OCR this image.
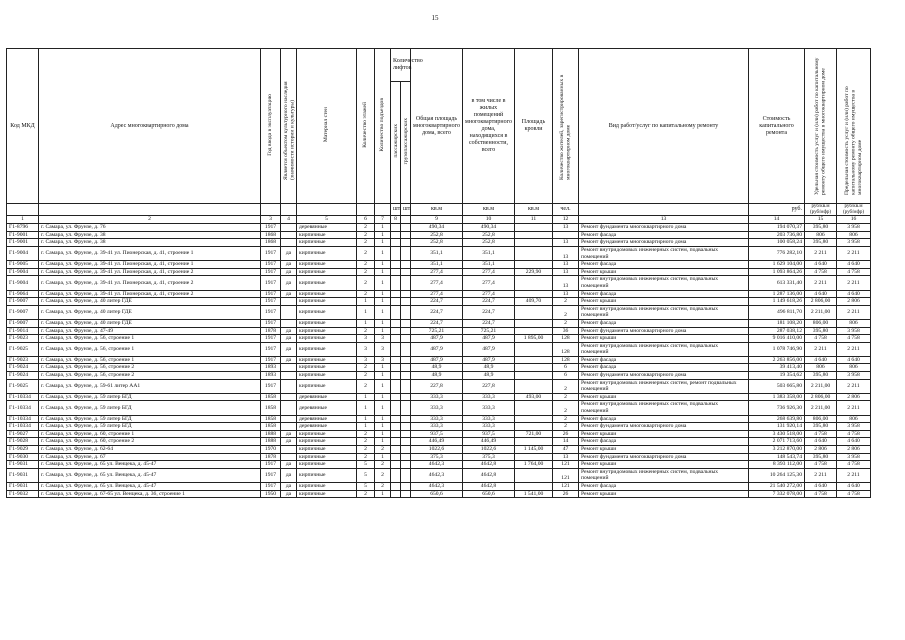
15
Код МКД	Адрес многоквартирного дома	Год ввода в эксплуатацию	Является объектом культурного наследия (значимости истории и культуры)	Материал стен	Количество этажей	Количество подъездов	Количество лифтов		Общая площадь многоквартирного дома, всего	в том числе в жилых помещений многоквартирного дома, находящихся в собственности, всего	Площадь кровли	Количество жителей, зарегистрированных в многоквартирном доме	Вид работ/услуг по капитальному ремонту	Стоимость капитального ремонта	Удельная стоимость услуг и (или) работ по капитальному ремонту общего имущества в многоквартирном доме	Предельная стоимость услуг и (или) работ по капитальному ремонту общего имущества в многоквартирном доме
							пассажирских	грузопассажирских								

							шт.	шт.	кв.м	кв.м	кв.м	чел.		руб.	руб/кв.м (руб/мфр)	руб/кв.м (руб/мфр)
1	2	3	4	5	6	7	8		9	10	11	12	13	14	15	16
Г1-8796	г. Самара, ул. Фрунзе, д. 76	1917		деревянные	2	1			490,34	490,34		13	Ремонт фундамента многоквартирного дома	194 070,37	395,80	3 958
Г1-9001	г. Самара, ул. Фрунзе, д. 38	1868		кирпичные	2	1			252,8	252,8			Ремонт фасада	203 736,80	806	806
Г1-9001	г. Самара, ул. Фрунзе, д. 38	1868		кирпичные	2	1			252,8	252,8		13	Ремонт фундамента многоквартирного дома	100 058,24	395,80	3 958
Г1-9004	г. Самара, ул. Фрунзе, д. 39-41 ул. Пионерская, д. 41, строение 1	1917	да	кирпичные	2	1			351,1	351,1		13	Ремонт внутридомовых инженерных систем, подвальных помещений	776 282,10	2 211	2 211
Г1-9005	г. Самара, ул. Фрунзе, д. 39-41 ул. Пионерская, д. 41, строение 1	1917	да	кирпичные	2	1			351,1	351,1		13	Ремонт фасада	1 629 104,00	4 640	4 640
Г1-9004	г. Самара, ул. Фрунзе, д. 39-41 ул. Пионерская, д. 41, строение 2	1917	да	кирпичные	2	1			277,4	277,4	229,90	13	Ремонт крыши	1 093 864,26	4 758	4 758
Г1-9004	г. Самара, ул. Фрунзе, д. 39-41 ул. Пионерская, д. 41, строение 2	1917	да	кирпичные	2	1			277,4	277,4		13	Ремонт внутридомовых инженерных систем, подвальных помещений	613 331,40	2 211	2 211
Г1-9064	г. Самара, ул. Фрунзе, д. 39-41 ул. Пионерская, д. 41, строение 2	1917	да	кирпичные	2	1			277,4	277,4		13	Ремонт фасада	1 287 136,00	4 640	4 640
Г1-9007	г. Самара, ул. Фрунзе, д. 40 литер ГДЕ	1917		кирпичные	1	1			224,7	224,7	409,70	2	Ремонт крыши	1 149 618,26	2 806,00	2 806
Г1-9007	г. Самара, ул. Фрунзе, д. 40 литер ГДЕ	1917		кирпичные	1	1			224,7	224,7		2	Ремонт внутридомовых инженерных систем, подвальных помещений	496 811,70	2 211,00	2 211
Г1-9007	г. Самара, ул. Фрунзе, д. 40 литер ГДЕ	1917		кирпичные	1	1			224,7	224,7		2	Ремонт фасада	181 108,20	806,00	806
Г1-9014	г. Самара, ул. Фрунзе, д. 47-49	1878	да	кирпичные	2	1			725,21	725,21		36	Ремонт фундамента многоквартирного дома	287 038,12	395,80	3 958
Г1-9023	г. Самара, ул. Фрунзе, д. 56, строение 1	1917	да	кирпичные	3	3			487,9	487,9	1 895,00	128	Ремонт крыши	9 016 410,00	4 758	4 758
Г1-9025	г. Самара, ул. Фрунзе, д. 56, строение 1	1917	да	кирпичные	3	3			487,9	487,9		128	Ремонт внутридомовых инженерных систем, подвальных помещений	1 078 746,90	2 211	2 211
Г1-9023	г. Самара, ул. Фрунзе, д. 56, строение 1	1917	да	кирпичные	3	3			487,9	487,9		128	Ремонт фасада	2 263 856,00	4 640	4 640
Г1-9024	г. Самара, ул. Фрунзе, д. 56, строение 2	1893		кирпичные	2	1			48,9	48,9		6	Ремонт фасада	39 413,40	806	806
Г1-9024	г. Самара, ул. Фрунзе, д. 56, строение 2	1893		кирпичные	2	1			48,9	48,9		6	Ремонт фундамента многоквартирного дома	19 354,62	395,80	3 958
Г1-9025	г. Самара, ул. Фрунзе, д. 59-61 литер АА1	1917		кирпичные	2	1			227,8	227,8		2	Ремонт внутридомовых инженерных систем, ремонт подвальных помещений	503 665,80	2 211,00	2 211
Г1-10334	г. Самара, ул. Фрунзе, д. 59 литер БГД	1858		деревянные	1	1			333,3	333,3	493,00	2	Ремонт крыши	1 383 358,00	2 806,00	2 806
Г1-10334	г. Самара, ул. Фрунзе, д. 59 литер БГД	1858		деревянные	1	1			333,3	333,3		2	Ремонт внутридомовых инженерных систем, подвальных помещений	736 926,30	2 211,00	2 211
Г1-10334	г. Самара, ул. Фрунзе, д. 59 литер БГД	1858		деревянные	1	1			333,3	333,3		2	Ремонт фасада	268 639,80	806,00	806
Г1-10334	г. Самара, ул. Фрунзе, д. 59 литер БГД	1858		деревянные	1	1			333,3	333,3		2	Ремонт фундамента многоквартирного дома	131 920,14	395,80	3 958
Г1-9027	г. Самара, ул. Фрунзе, д. 60, строение 1	1888	да	кирпичные	2	1			937,5	937,5	721,00	26	Ремонт крыши	3 430 518,00	4 758	4 758
Г1-9028	г. Самара, ул. Фрунзе, д. 60, строение 2	1888	да	кирпичные	2	1			446,49	446,49		14	Ремонт фасада	2 071 713,60	4 640	4 640
Г1-9029	г. Самара, ул. Фрунзе, д. 62-64	1970		кирпичные	2	2			1022,6	1022,6	1 145,00	47	Ремонт крыши	3 212 870,00	2 806	2 806
Г1-9030	г. Самара, ул. Фрунзе, д. 67	1878		кирпичные	2	1			375,3	375,3		13	Ремонт фундамента многоквартирного дома	148 543,74	395,80	3 958
Г1-9031	г. Самара, ул. Фрунзе, д. 65 ул. Венцека, д. 45-47	1917	да	кирпичные	5	2			4642,3	4642,8	1 764,00	121	Ремонт крыши	8 393 112,00	4 758	4 758
Г1-9031	г. Самара, ул. Фрунзе, д. 65 ул. Венцека, д. 45-47	1917	да	кирпичные	5	2			4642,3	4642,8		121	Ремонт внутридомовых инженерных систем, подвальных помещений	10 264 125,30	2 211	2 211
Г1-9031	г. Самара, ул. Фрунзе, д. 65 ул. Венцека, д. 45-47	1917	да	кирпичные	5	2			4642,3	4642,8		121	Ремонт фасада	21 540 272,00	4 640	4 640
Г1-9032	г. Самара, ул. Фрунзе, д. 67-65 ул. Венцека, д. 36, строение 1	1950	да	кирпичные	2	1			650,6	650,6	1 541,00	26	Ремонт крыши	7 332 078,00	4 758	4 758
